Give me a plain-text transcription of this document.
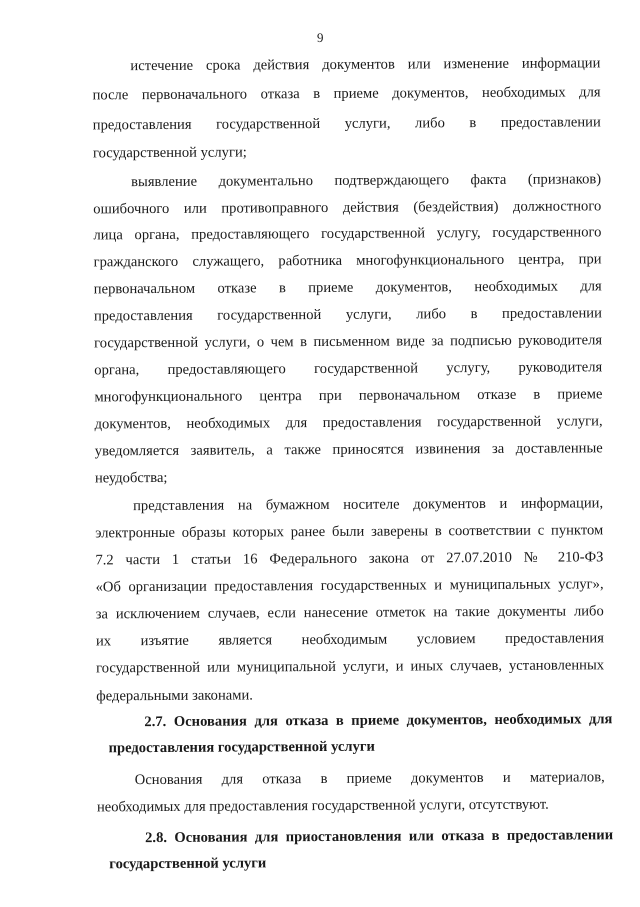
9
истечение срока действия документов или изменение информации
после первоначального отказа в приеме документов, необходимых для
предоставления государственной услуги, либо в предоставлении
государственной услуги;
выявление документально подтверждающего факта (признаков)
ошибочного или противоправного действия (бездействия) должностного
лица органа, предоставляющего государственной услугу, государственного
гражданского служащего, работника многофункционального центра, при
первоначальном отказе в приеме документов, необходимых для
предоставления государственной услуги, либо в предоставлении
государственной услуги, о чем в письменном виде за подписью руководителя
органа, предоставляющего государственной услугу, руководителя
многофункционального центра при первоначальном отказе в приеме
документов, необходимых для предоставления государственной услуги,
уведомляется заявитель, а также приносятся извинения за доставленные
неудобства;
представления на бумажном носителе документов и информации,
электронные образы которых ранее были заверены в соответствии с пунктом
7.2 части 1 статьи 16 Федерального закона от 27.07.2010 № 210-ФЗ
«Об организации предоставления государственных и муниципальных услуг»,
за исключением случаев, если нанесение отметок на такие документы либо
их изъятие является необходимым условием предоставления
государственной или муниципальной услуги, и иных случаев, установленных
федеральными законами.
2.7. Основания для отказа в приеме документов, необходимых для
предоставления государственной услуги
Основания для отказа в приеме документов и материалов,
необходимых для предоставления государственной услуги, отсутствуют.
2.8. Основания для приостановления или отказа в предоставлении
государственной услуги
